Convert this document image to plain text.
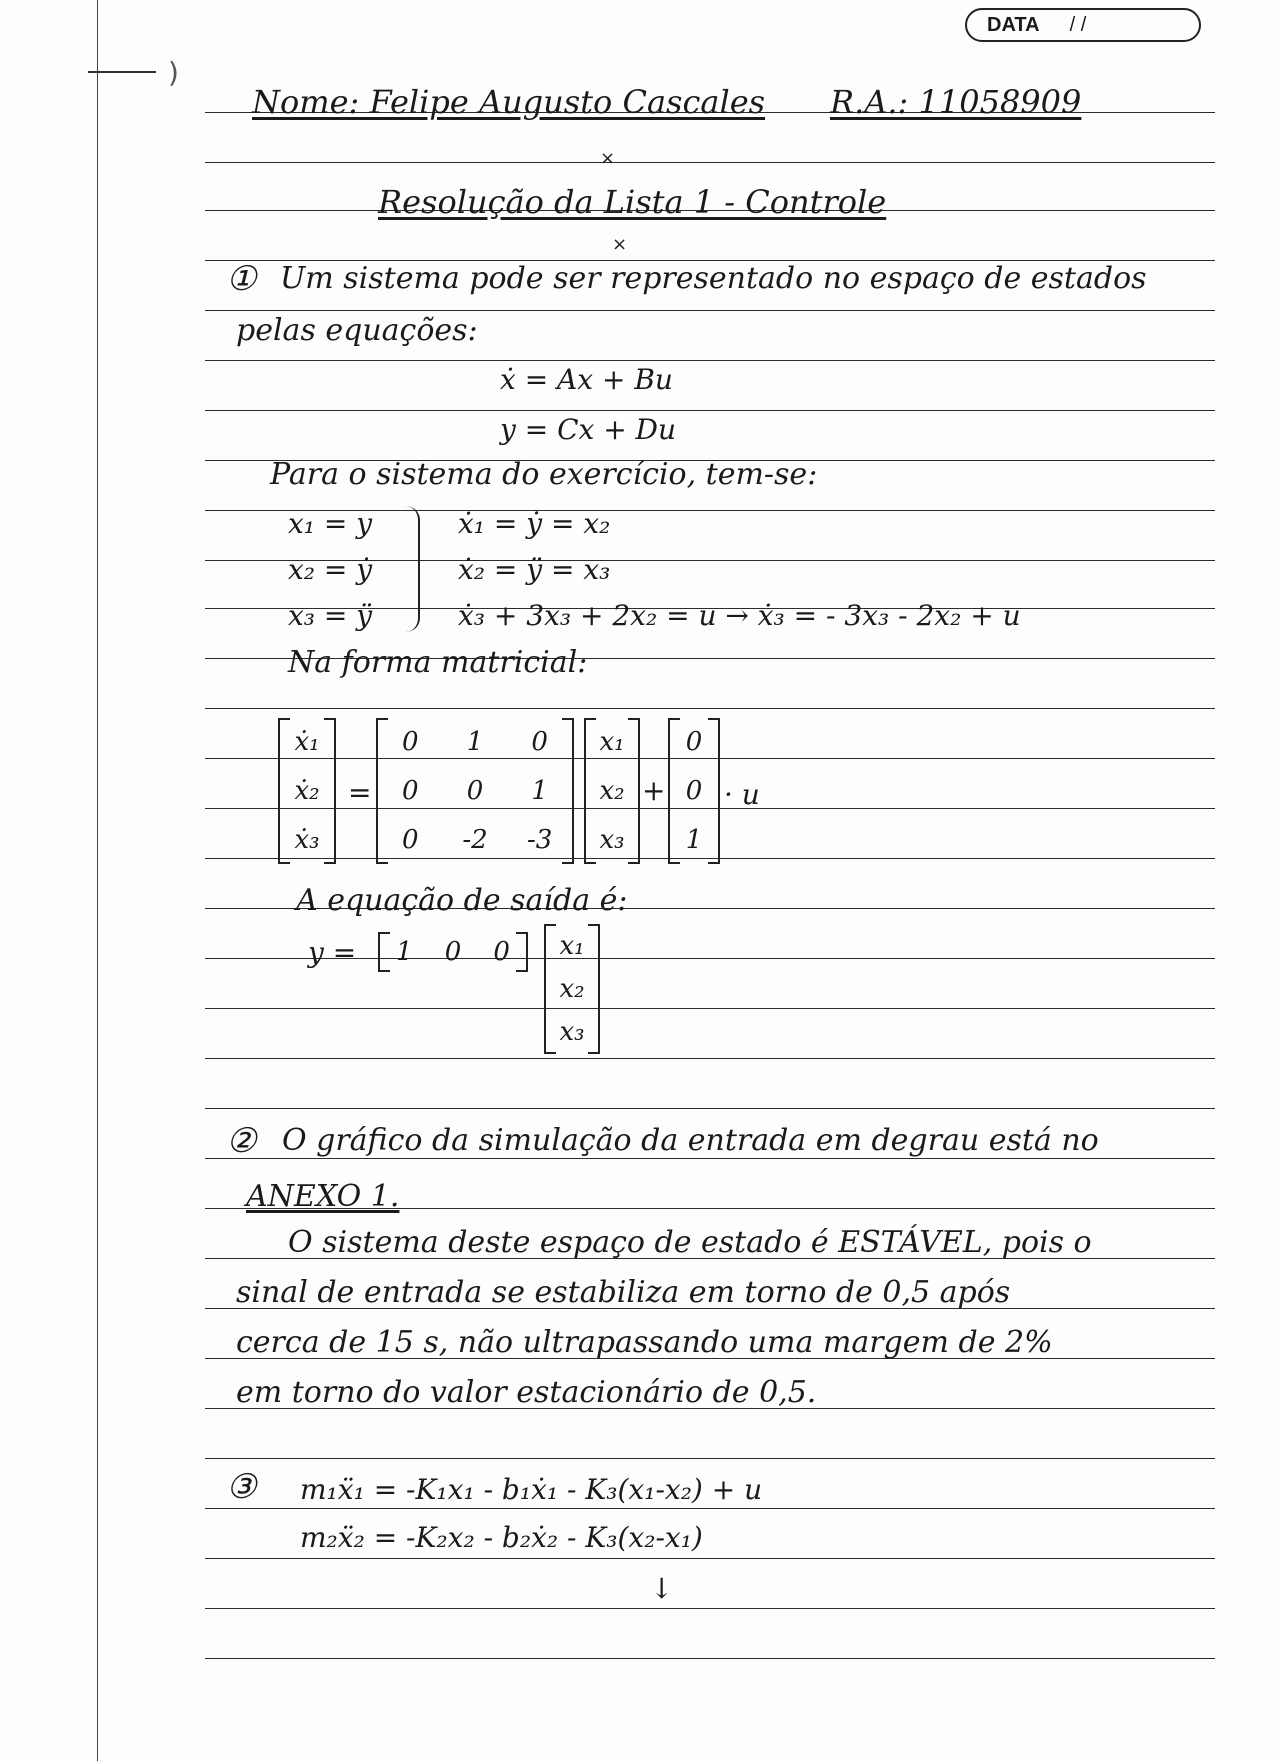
)
DATA / /
Nome: Felipe Augusto Cascales R.A.: 11058909
×
Resolução da Lista 1 - Controle
×
① Um sistema pode ser representado no espaço de estados
pelas equações:
ẋ = Ax + Bu
y = Cx + Du
Para o sistema do exercício, tem-se:
x₁ = y
x₂ = ẏ
x₃ = ÿ
ẋ₁ = ẏ = x₂
ẋ₂ = ÿ = x₃
ẋ₃ + 3x₃ + 2x₂ = u → ẋ₃ = - 3x₃ - 2x₂ + u
Na forma matricial:
ẋ₁
ẋ₂
ẋ₃
=
0	1	0
0	0	1
0	-2	-3
x₁
x₂
x₃
+
0
0
1
· u
A equação de saída é:
y =	1	0	0	x₁
x₂
x₃
② O gráfico da simulação da entrada em degrau está no
ANEXO 1.
O sistema deste espaço de estado é ESTÁVEL, pois o
sinal de entrada se estabiliza em torno de 0,5 após
cerca de 15 s, não ultrapassando uma margem de 2%
em torno do valor estacionário de 0,5.
③ m₁ẍ₁ = -K₁x₁ - b₁ẋ₁ - K₃(x₁-x₂) + u
m₂ẍ₂ = -K₂x₂ - b₂ẋ₂ - K₃(x₂-x₁)
↓
